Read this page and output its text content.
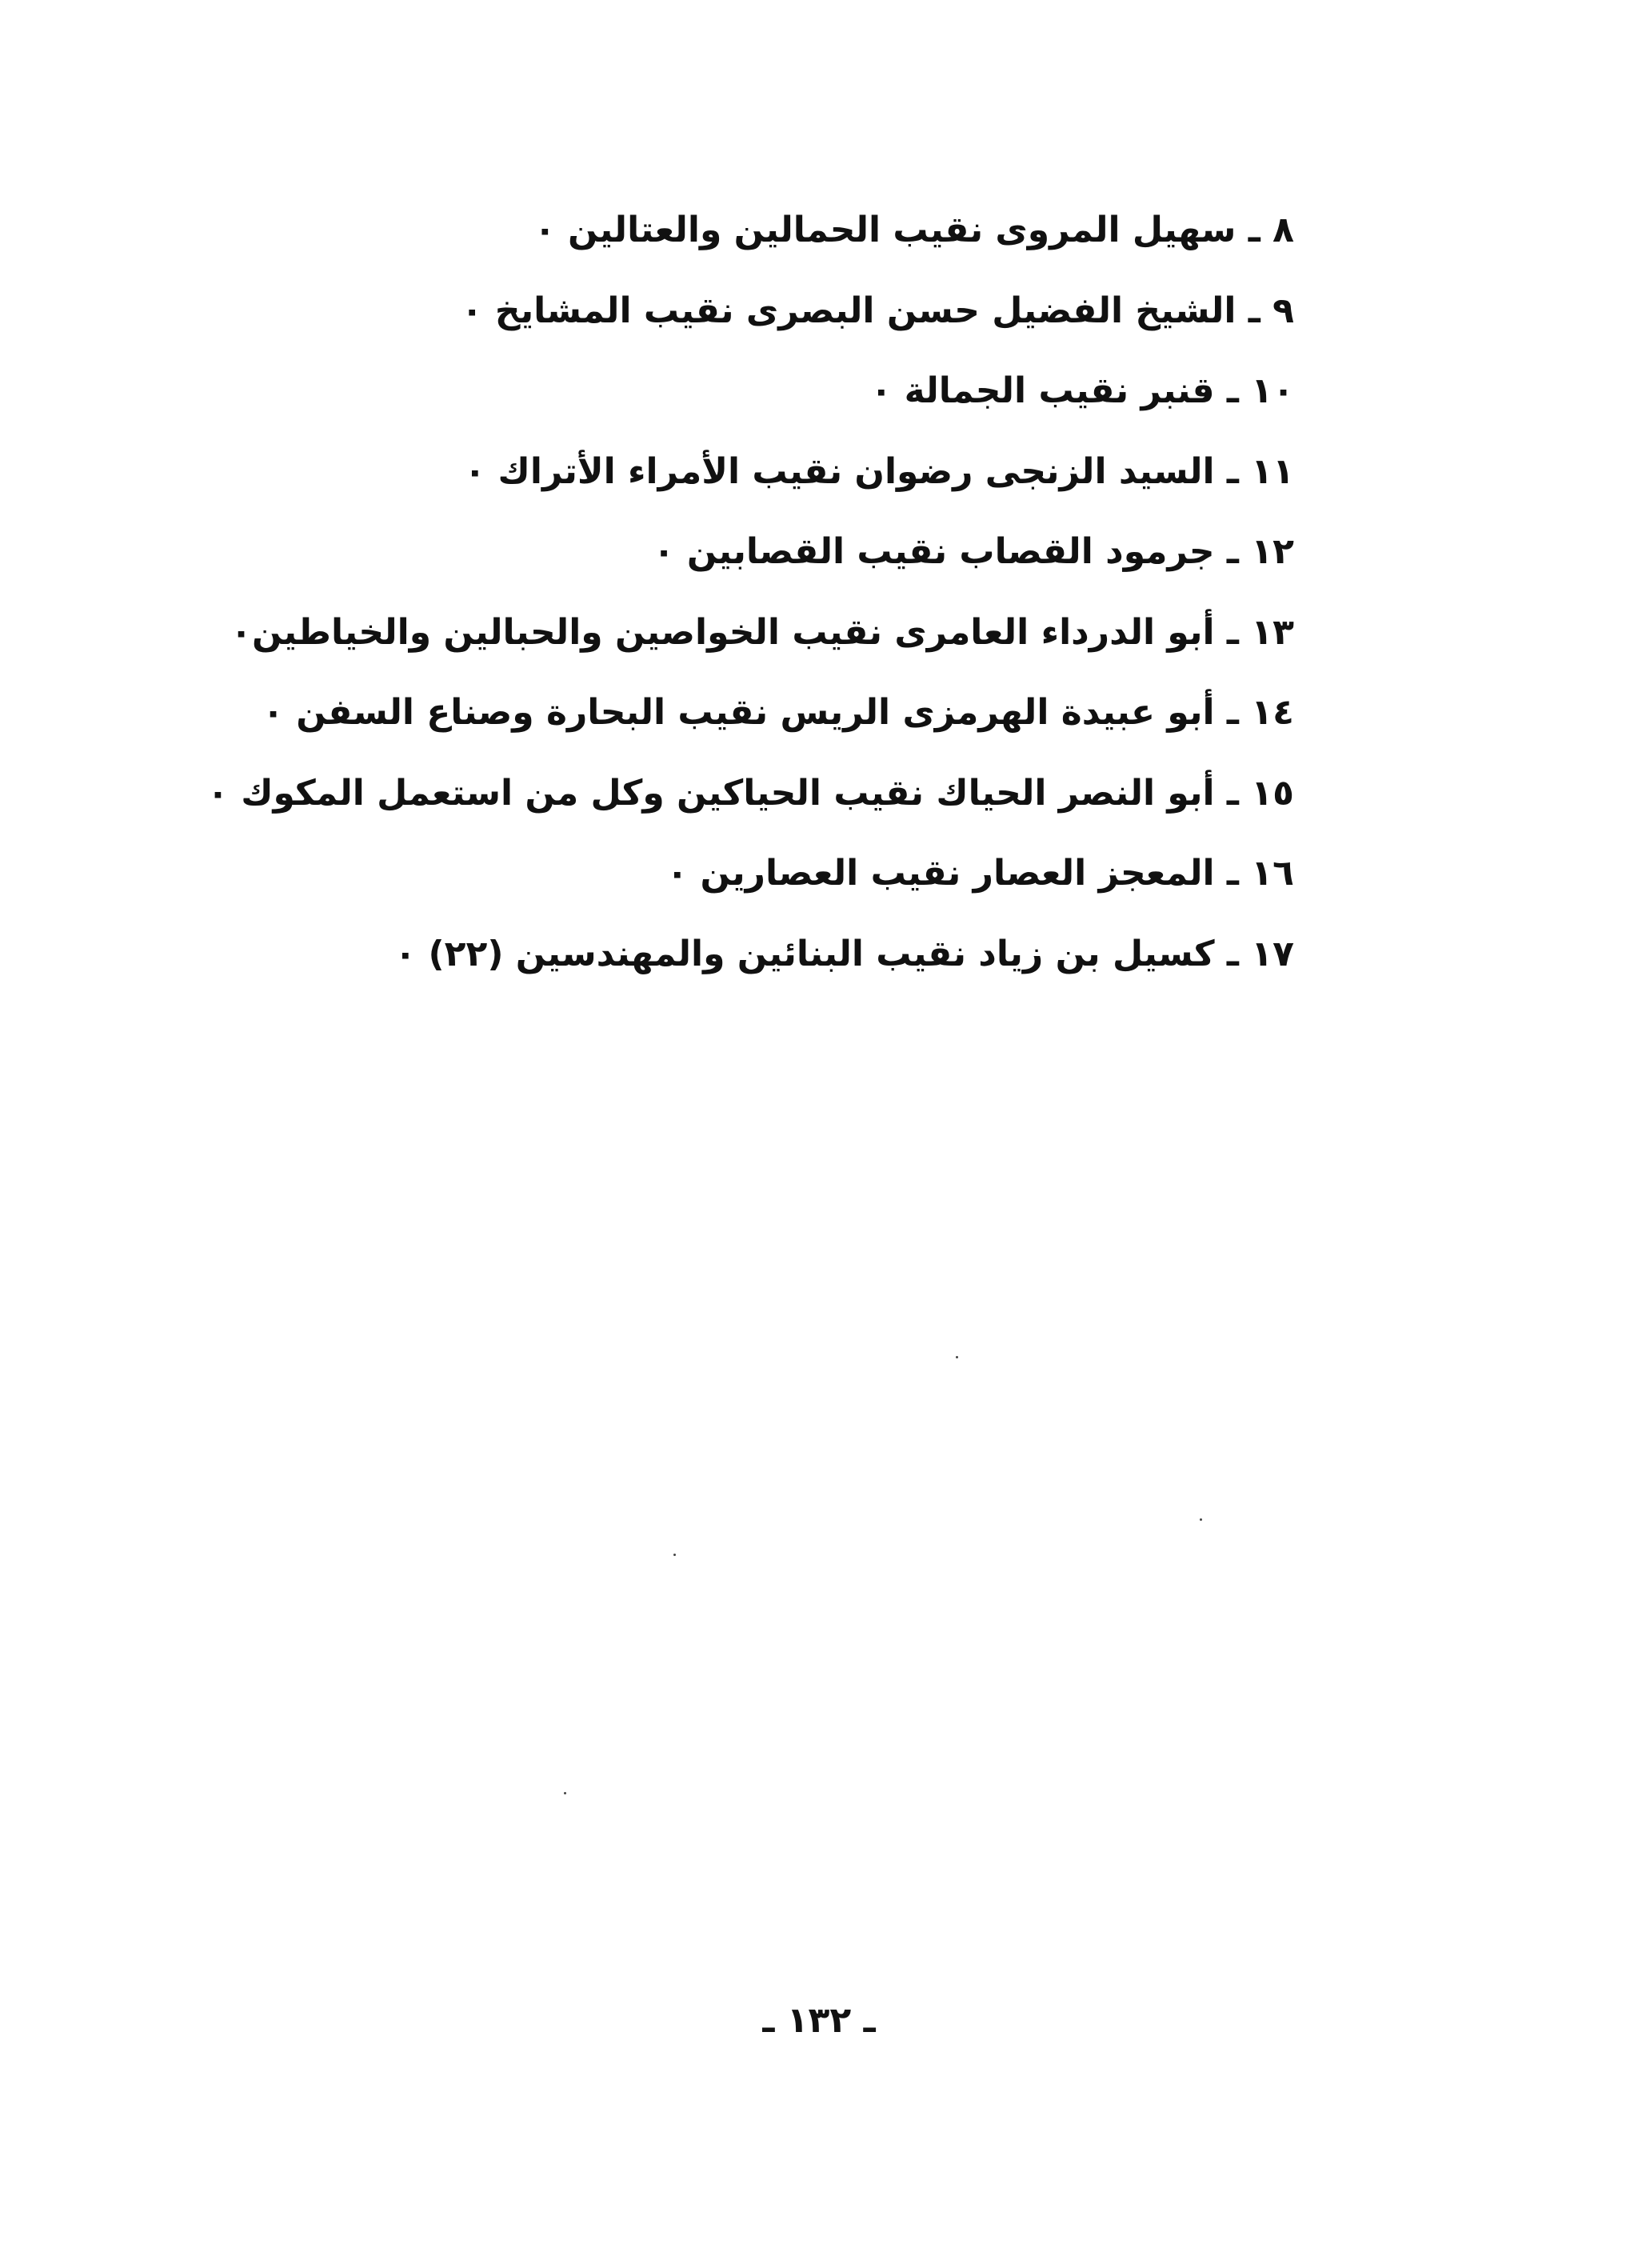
٨ ـ سهيل المروى نقيب الحمالين والعتالين ٠
٩ ـ الشيخ الفضيل حسن البصرى نقيب المشايخ ٠
١٠ ـ قنبر نقيب الجمالة ٠
١١ ـ السيد الزنجى رضوان نقيب الأمراء الأتراك ٠
١٢ ـ جرمود القصاب نقيب القصابين ٠
١٣ ـ أبو الدرداء العامرى نقيب الخواصين والحبالين والخياطين٠
١٤ ـ أبو عبيدة الهرمزى الريس نقيب البحارة وصناع السفن ٠
١٥ ـ أبو النصر الحياك نقيب الحياكين وكل من استعمل المكوك ٠
١٦ ـ المعجز العصار نقيب العصارين ٠
١٧ ـ كسيل بن زياد نقيب البنائين والمهندسين (٢٢) ٠
ـ ١٣٢ ـ
